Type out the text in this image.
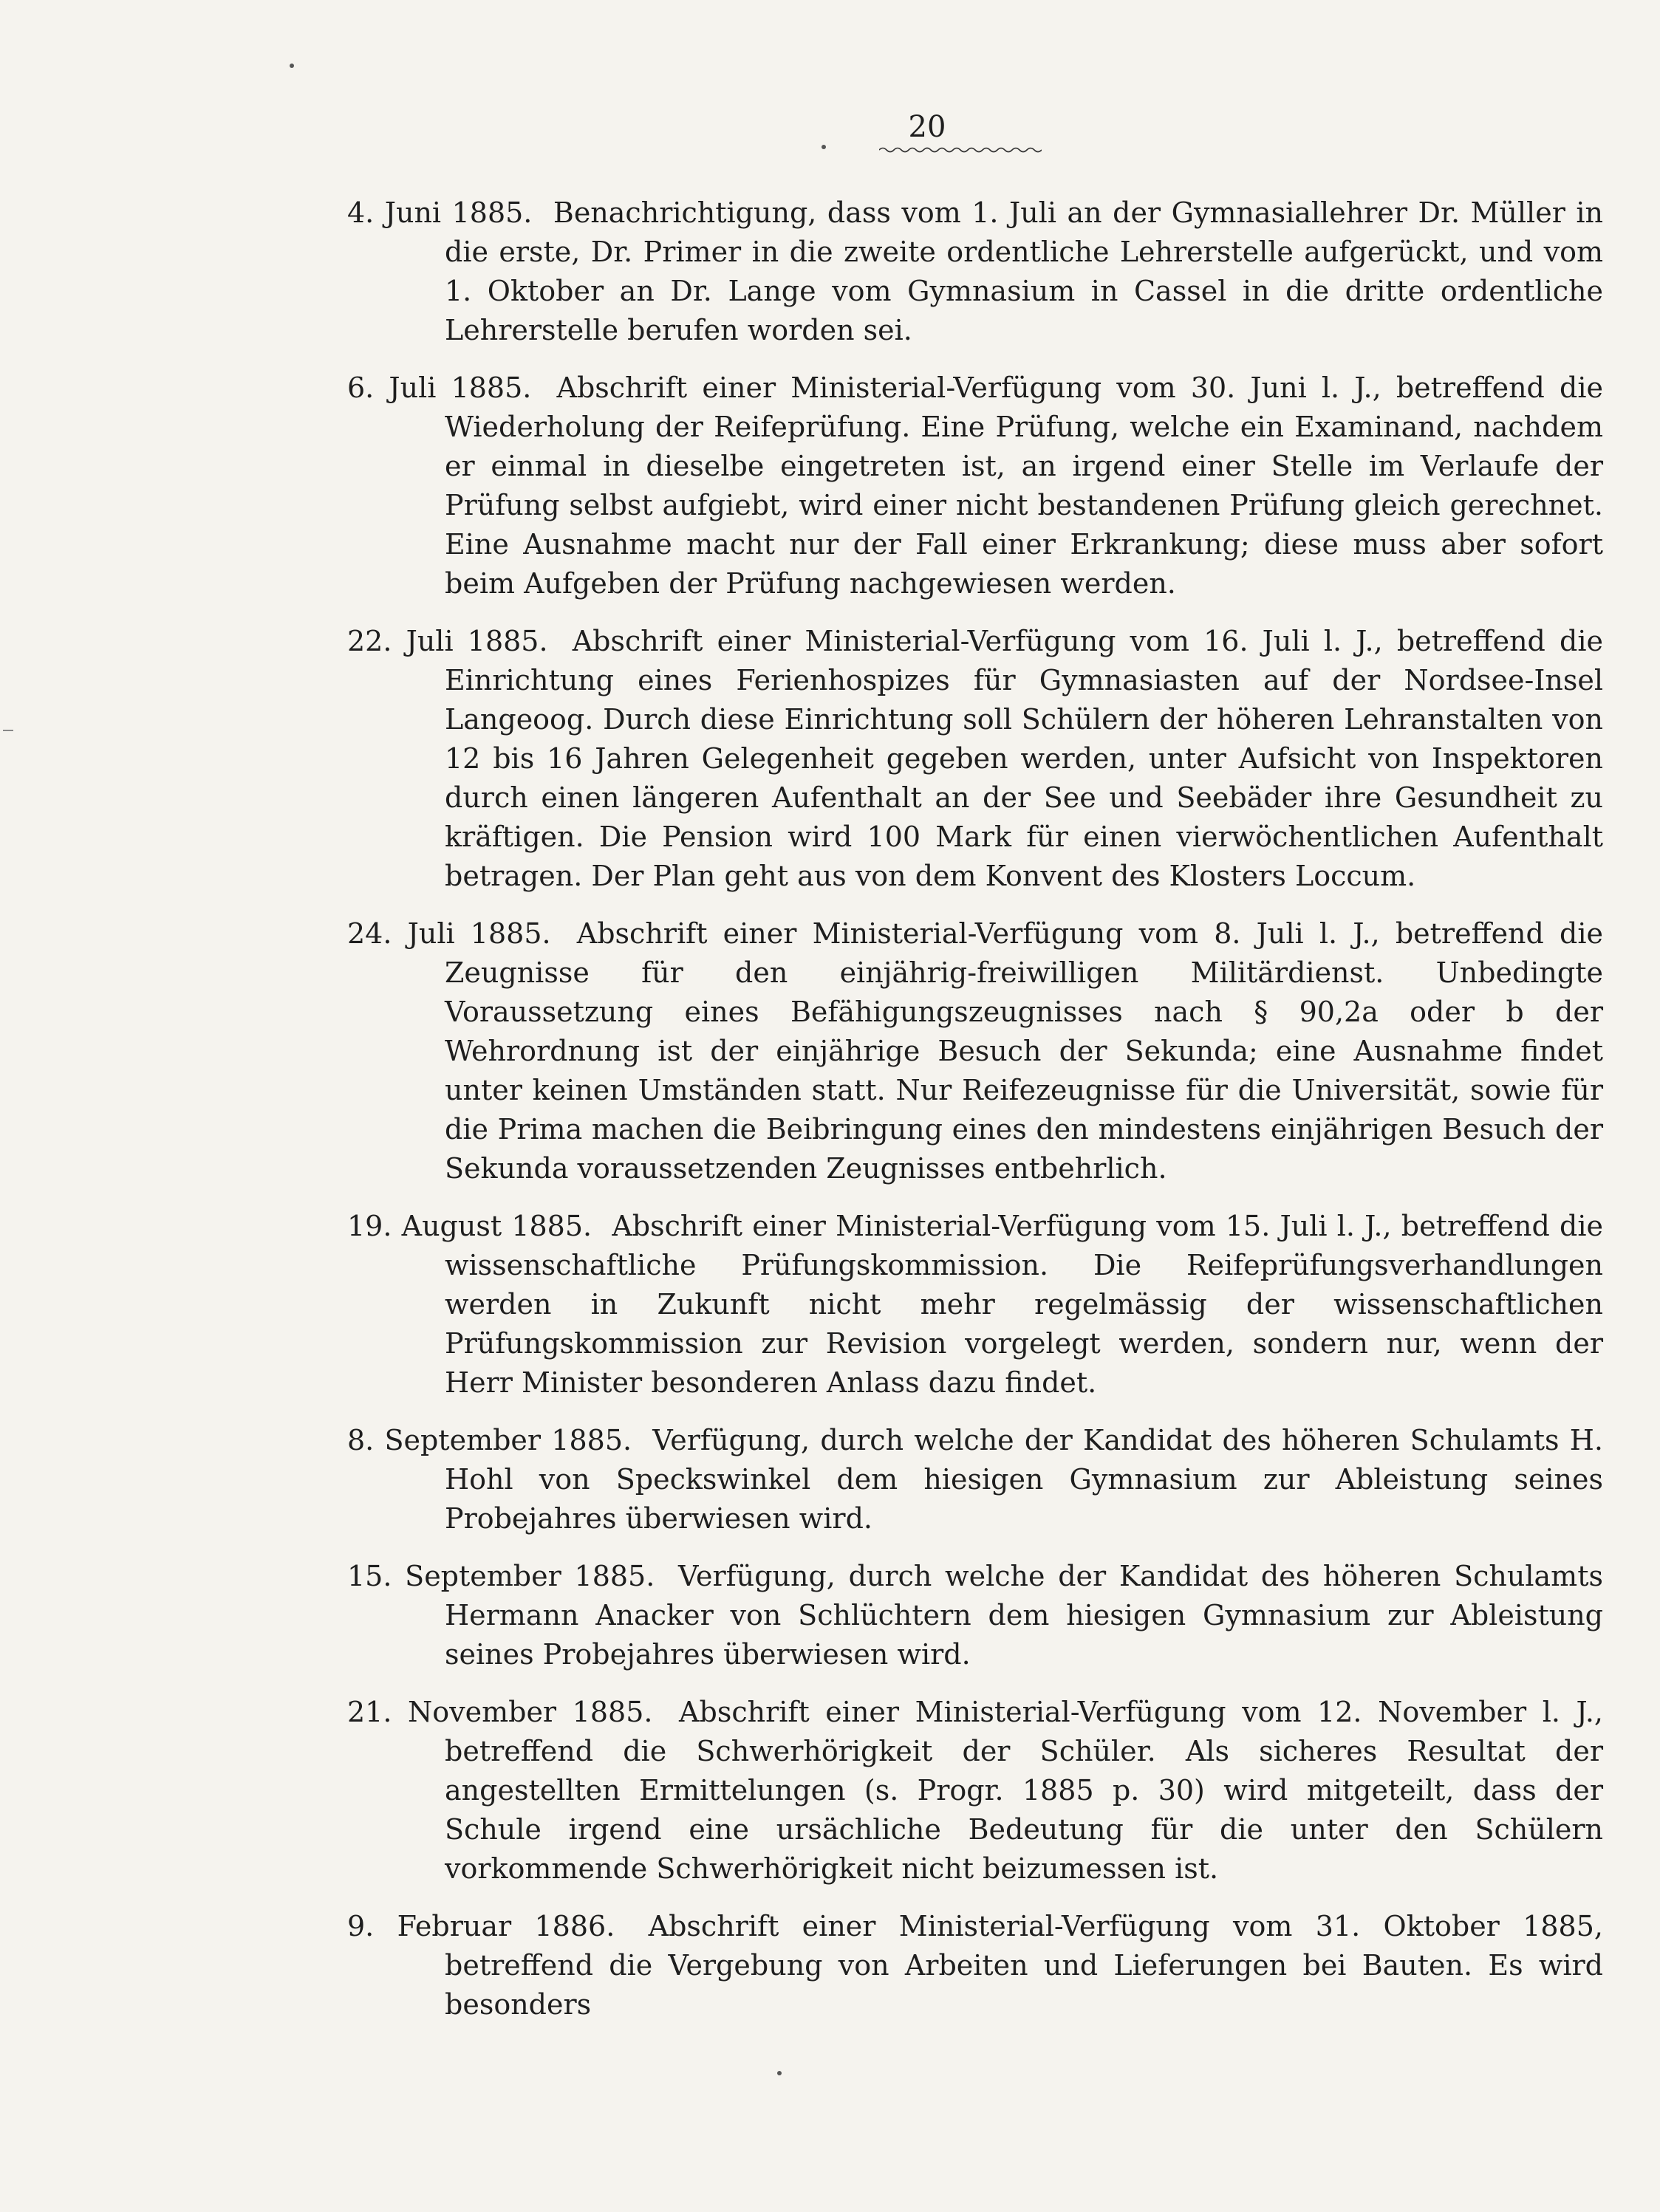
20

4. Juni 1885. Benachrichtigung, dass vom 1. Juli an der Gymnasiallehrer Dr. Müller in die erste, Dr. Primer in die zweite ordentliche Lehrerstelle aufgerückt, und vom 1. Oktober an Dr. Lange vom Gymnasium in Cassel in die dritte ordentliche Lehrerstelle berufen worden sei.

6. Juli 1885. Abschrift einer Ministerial-Verfügung vom 30. Juni l. J., betreffend die Wiederholung der Reifeprüfung. Eine Prüfung, welche ein Examinand, nachdem er einmal in dieselbe eingetreten ist, an irgend einer Stelle im Verlaufe der Prüfung selbst aufgiebt, wird einer nicht bestandenen Prüfung gleich gerechnet. Eine Ausnahme macht nur der Fall einer Erkrankung; diese muss aber sofort beim Aufgeben der Prüfung nachgewiesen werden.

22. Juli 1885. Abschrift einer Ministerial-Verfügung vom 16. Juli l. J., betreffend die Einrichtung eines Ferienhospizes für Gymnasiasten auf der Nordsee-Insel Langeoog. Durch diese Einrichtung soll Schülern der höheren Lehranstalten von 12 bis 16 Jahren Gelegenheit gegeben werden, unter Aufsicht von Inspektoren durch einen längeren Aufenthalt an der See und Seebäder ihre Gesundheit zu kräftigen. Die Pension wird 100 Mark für einen vierwöchentlichen Aufenthalt betragen. Der Plan geht aus von dem Konvent des Klosters Loccum.

24. Juli 1885. Abschrift einer Ministerial-Verfügung vom 8. Juli l. J., betreffend die Zeugnisse für den einjährig-freiwilligen Militärdienst. Unbedingte Voraussetzung eines Befähigungszeugnisses nach § 90,2a oder b der Wehrordnung ist der einjährige Besuch der Sekunda; eine Ausnahme findet unter keinen Umständen statt. Nur Reifezeugnisse für die Universität, sowie für die Prima machen die Beibringung eines den mindestens einjährigen Besuch der Sekunda voraussetzenden Zeugnisses entbehrlich.

19. August 1885. Abschrift einer Ministerial-Verfügung vom 15. Juli l. J., betreffend die wissenschaftliche Prüfungskommission. Die Reifeprüfungsverhandlungen werden in Zukunft nicht mehr regelmässig der wissenschaftlichen Prüfungskommission zur Revision vorgelegt werden, sondern nur, wenn der Herr Minister besonderen Anlass dazu findet.

8. September 1885. Verfügung, durch welche der Kandidat des höheren Schulamts H. Hohl von Speckswinkel dem hiesigen Gymnasium zur Ableistung seines Probejahres überwiesen wird.

15. September 1885. Verfügung, durch welche der Kandidat des höheren Schulamts Hermann Anacker von Schlüchtern dem hiesigen Gymnasium zur Ableistung seines Probejahres überwiesen wird.

21. November 1885. Abschrift einer Ministerial-Verfügung vom 12. November l. J., betreffend die Schwerhörigkeit der Schüler. Als sicheres Resultat der angestellten Ermittelungen (s. Progr. 1885 p. 30) wird mitgeteilt, dass der Schule irgend eine ursächliche Bedeutung für die unter den Schülern vorkommende Schwerhörigkeit nicht beizumessen ist.

9. Februar 1886. Abschrift einer Ministerial-Verfügung vom 31. Oktober 1885, betreffend die Vergebung von Arbeiten und Lieferungen bei Bauten. Es wird besonders
